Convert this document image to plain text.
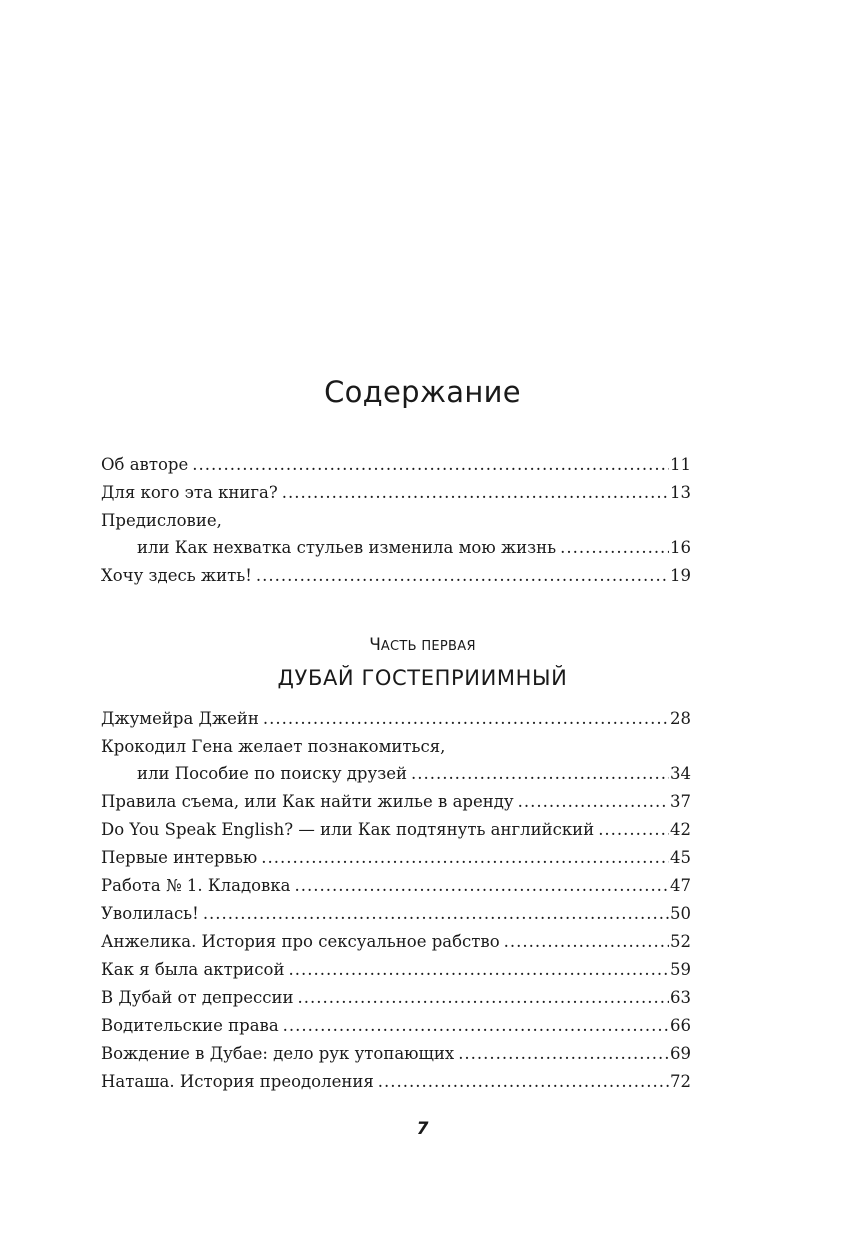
Содержание
Об авторе .....	11
Для кого эта книга? .....	13
Предисловие,
или Как нехватка стульев изменила мою жизнь .....	16
Хочу здесь жить! .....	19
ЧАСТЬ ПЕРВАЯ
ДУБАЙ ГОСТЕПРИИМНЫЙ
Джумейра Джейн .....	28
Крокодил Гена желает познакомиться,
или Пособие по поиску друзей .....	34
Правила съема, или Как найти жилье в аренду .....	37
Do You Speak English? — или Как подтянуть английский .....	42
Первые интервью .....	45
Работа № 1. Кладовка .....	47
Уволилась! .....	50
Анжелика. История про сексуальное рабство .....	52
Как я была актрисой .....	59
В Дубай от депрессии .....	63
Водительские права .....	66
Вождение в Дубае: дело рук утопающих .....	69
Наташа. История преодоления .....	72
7
